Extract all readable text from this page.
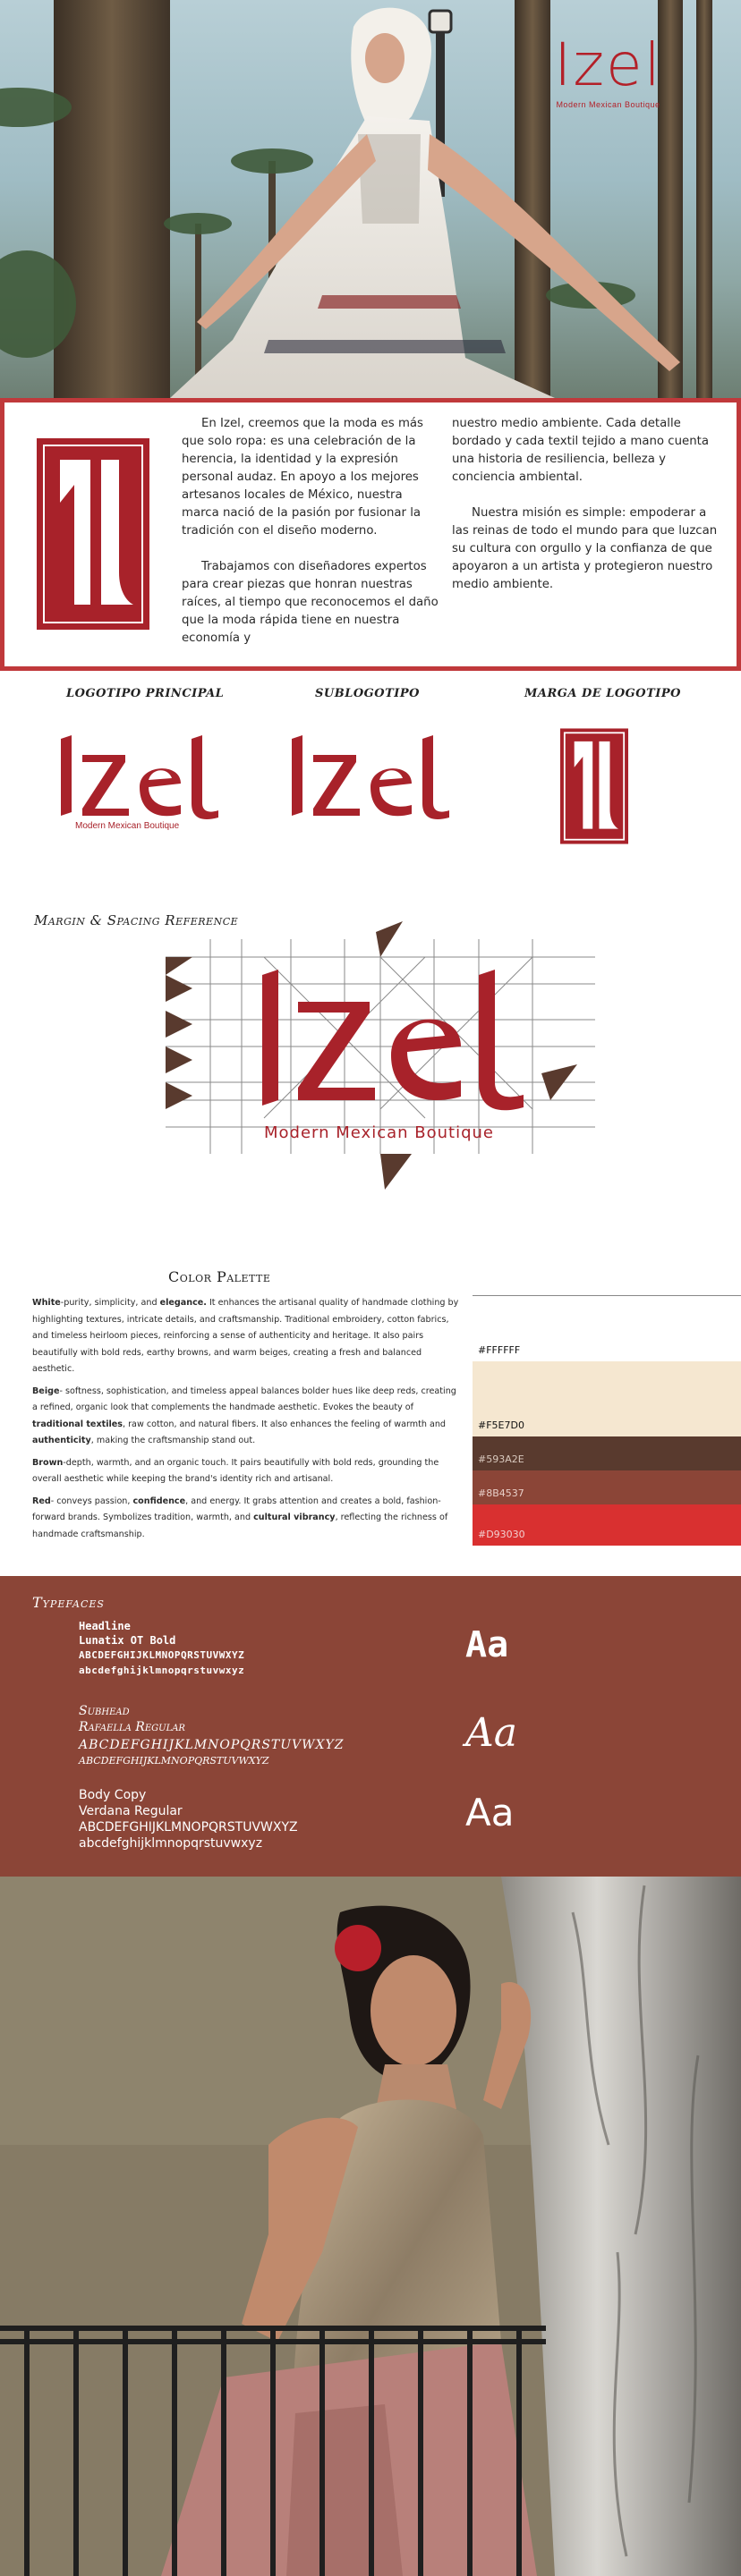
Izel
Modern Mexican Boutique

En Izel, creemos que la moda es más que solo ropa: es una celebración de la herencia, la identidad y la expresión personal audaz. En apoyo a los mejores artesanos locales de México, nuestra marca nació de la pasión por fusionar la tradición con el diseño moderno.

Trabajamos con diseñadores expertos para crear piezas que honran nuestras raíces, al tiempo que reconocemos el daño que la moda rápida tiene en nuestra economía y

nuestro medio ambiente. Cada detalle bordado y cada textil tejido a mano cuenta una historia de resiliencia, belleza y conciencia ambiental.

Nuestra misión es simple: empoderar a las reinas de todo el mundo para que luzcan su cultura con orgullo y la confianza de que apoyaron a un artista y protegieron nuestro medio ambiente.

LOGOTIPO PRINCIPAL	SUBLOGOTIPO	MARGA DE LOGOTIPO
Modern Mexican Boutique
Margin & Spacing Reference
Modern Mexican Boutique
Color Palette

White-purity, simplicity, and elegance. It enhances the artisanal quality of handmade clothing by highlighting textures, intricate details, and craftsmanship. Traditional embroidery, cotton fabrics, and timeless heirloom pieces, reinforcing a sense of authenticity and heritage. It also pairs beautifully with bold reds, earthy browns, and warm beiges, creating a fresh and balanced aesthetic.

Beige- softness, sophistication, and timeless appeal balances bolder hues like deep reds, creating a refined, organic look that complements the handmade aesthetic. Evokes the beauty of traditional textiles, raw cotton, and natural fibers. It also enhances the feeling of warmth and authenticity, making the craftsmanship stand out.

Brown-depth, warmth, and an organic touch. It pairs beautifully with bold reds, grounding the overall aesthetic while keeping the brand's identity rich and artisanal.

Red- conveys passion, confidence, and energy. It grabs attention and creates a bold, fashion-forward brands. Symbolizes tradition, warmth, and cultural vibrancy, reflecting the richness of handmade craftsmanship.

#FFFFFF
#F5E7D0
#593A2E
#8B4537
#D93030
Typefaces
Headline
Lunatix OT Bold
ABCDEFGHIJKLMNOPQRSTUVWXYZ
abcdefghijklmnopqrstuvwxyz
Aa
Subhead
Rafaella Regular
ABCDEFGHIJKLMNOPQRSTUVWXYZ
ABCDEFGHIJKLMNOPQRSTUVWXYZ
Aa
Body Copy
Verdana Regular
ABCDEFGHIJKLMNOPQRSTUVWXYZ
abcdefghijklmnopqrstuvwxyz
Aa
